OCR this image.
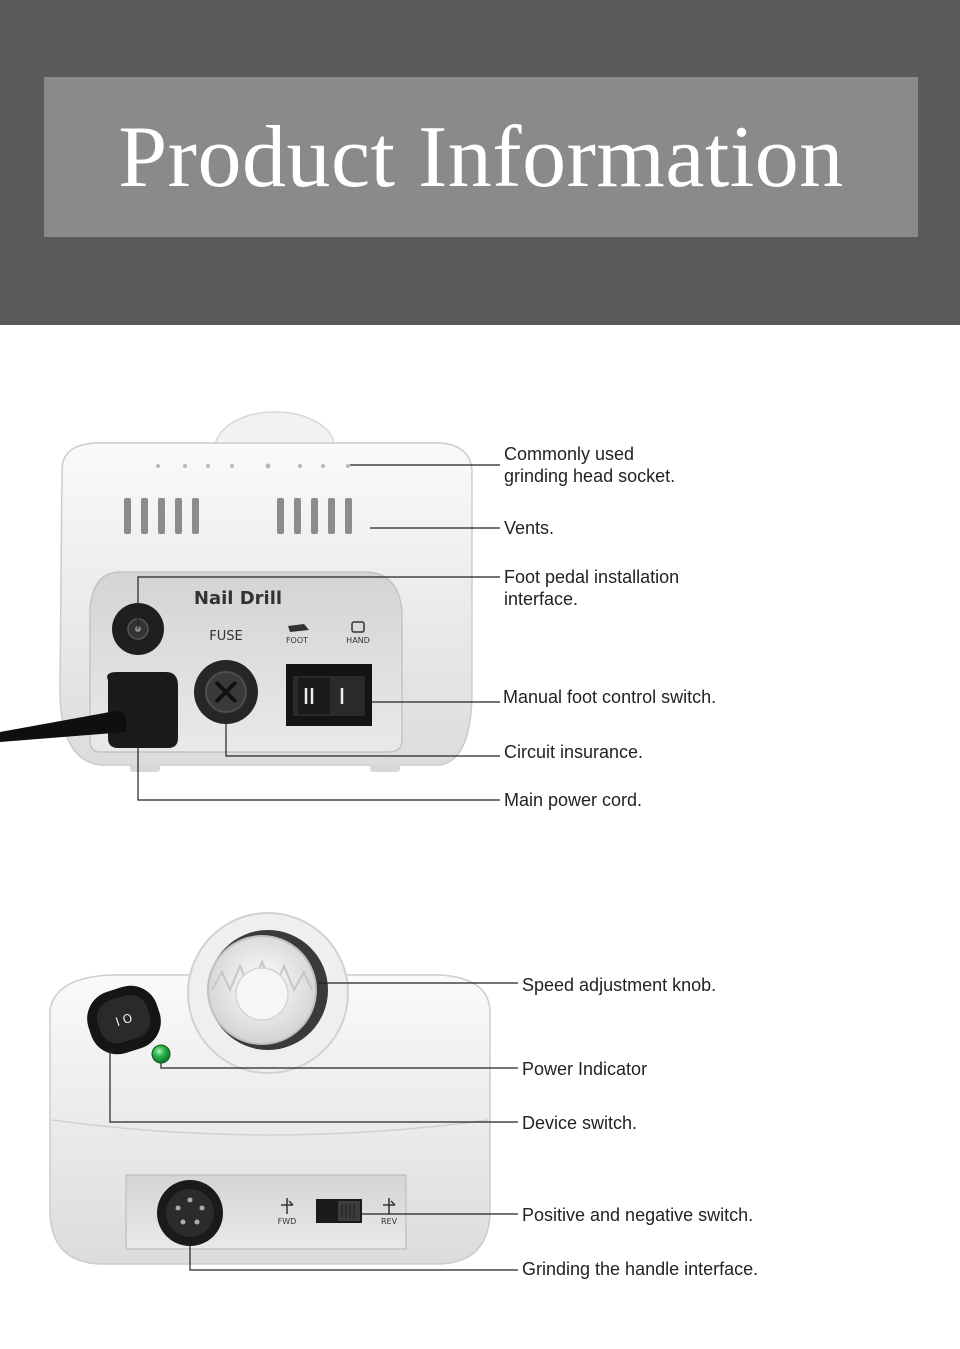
Product Information
Nail Drill
FUSE	FOOT	HAND
I O
FWD	REV
Commonly used
grinding head socket.
Vents.
Foot pedal installation
interface.
Manual foot control switch.
Circuit insurance.
Main power cord.
Speed adjustment knob.
Power Indicator
Device switch.
Positive and negative switch.
Grinding the handle interface.
